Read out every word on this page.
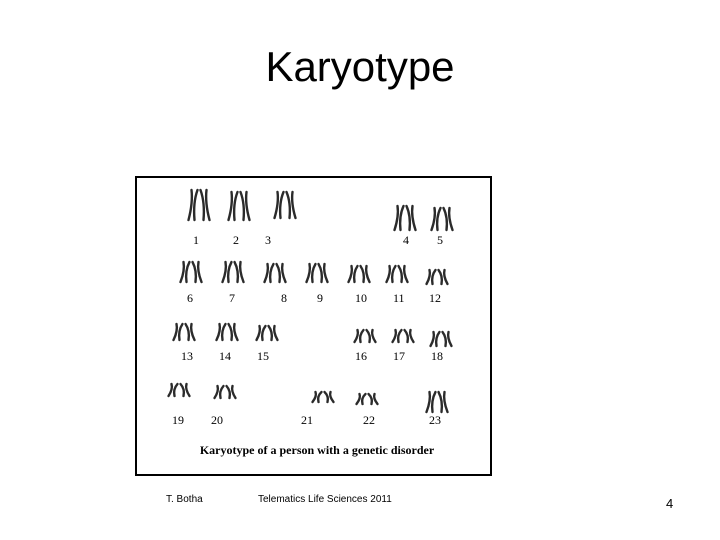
Karyotype
1	2 3	4 5
6	7	8	9	10 11 12
13 14 15	16 17 18
19 20	21	22	23
Karyotype of a person with a genetic disorder
T. Botha	Telematics Life Sciences 2011	4
